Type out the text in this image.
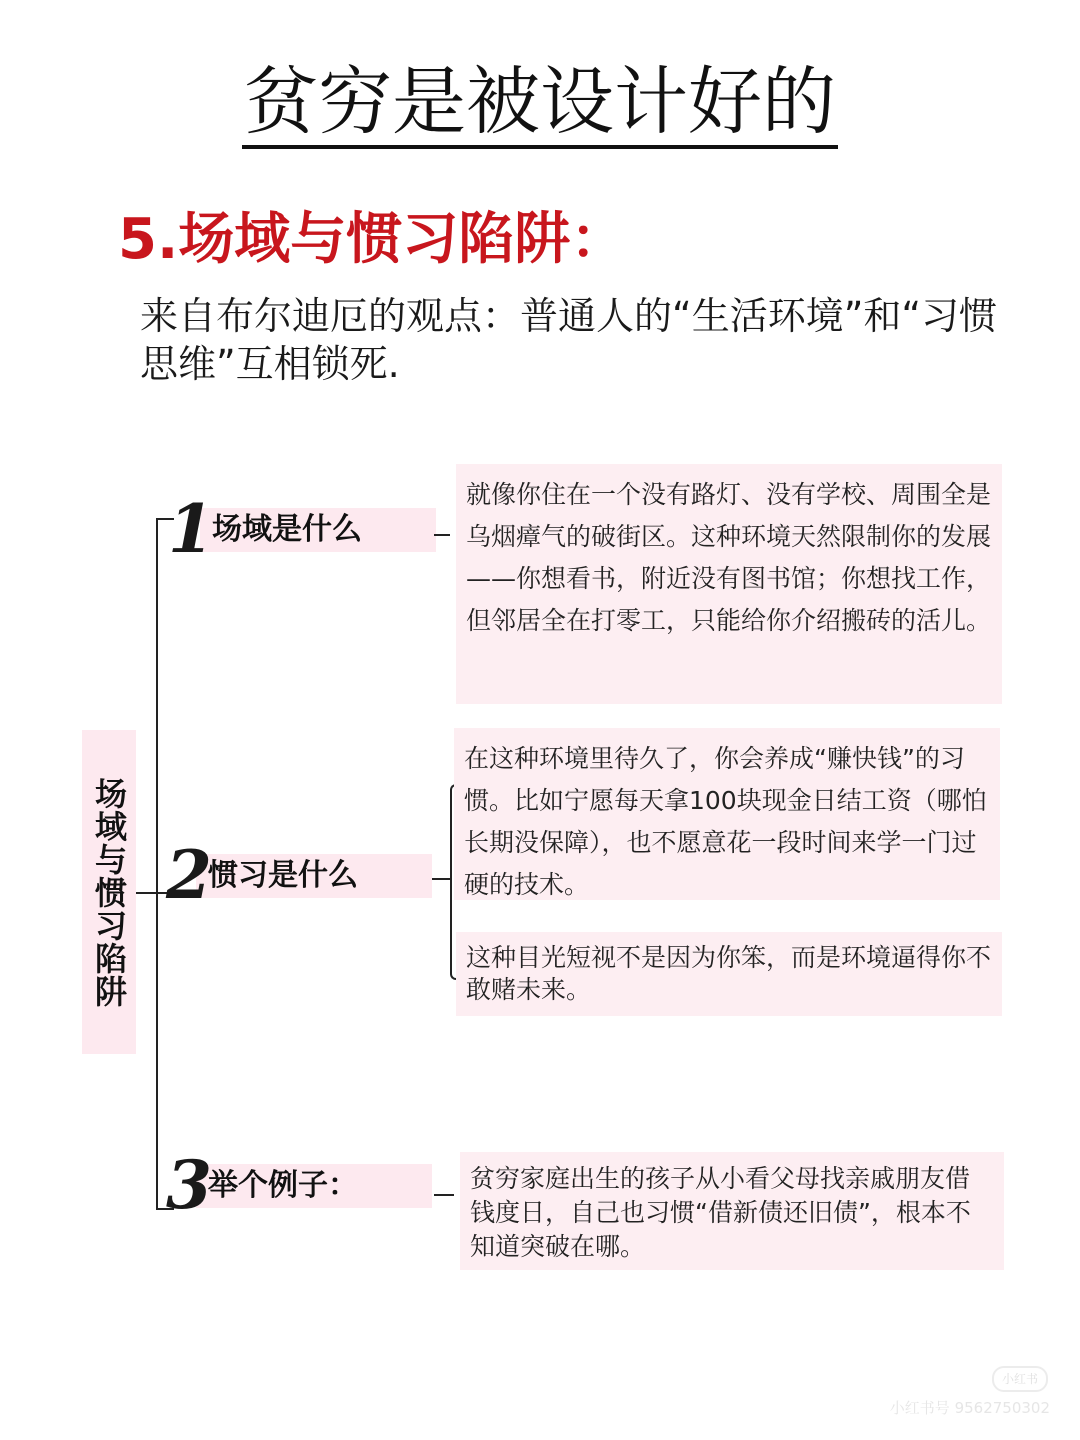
贫穷是被设计好的
5.场域与惯习陷阱：
来自布尔迪厄的观点：普通人的“生活环境”和“习惯思维”互相锁死.
场域与惯习陷阱
1
场域是什么
就像你住在一个没有路灯、没有学校、周围全是乌烟瘴气的破街区。这种环境天然限制你的发展——你想看书，附近没有图书馆；你想找工作，但邻居全在打零工，只能给你介绍搬砖的活儿。
2
惯习是什么
在这种环境里待久了，你会养成“赚快钱”的习惯。比如宁愿每天拿100块现金日结工资（哪怕长期没保障），也不愿意花一段时间来学一门过硬的技术。
这种目光短视不是因为你笨，而是环境逼得你不敢赌未来。
3
举个例子：	贫穷家庭出生的孩子从小看父母找亲戚朋友借钱度日，自己也习惯“借新债还旧债”，根本不知道突破在哪。
小红书
小红书号 9562750302
